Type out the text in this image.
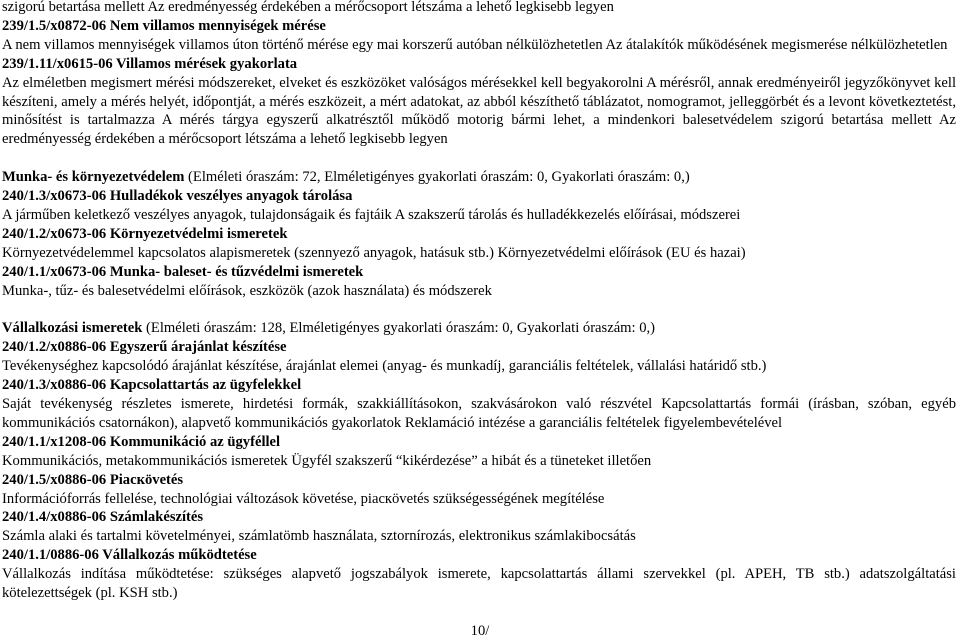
szigorú betartása mellett Az eredményesség érdekében a mérőcsoport létszáma a lehető legkisebb legyen
239/1.5/x0872-06 Nem villamos mennyiségek mérése
A nem villamos mennyiségek villamos úton történő mérése egy mai korszerű autóban nélkülözhetetlen Az átalakítók működésének megismerése nélkülözhetetlen
239/1.11/x0615-06 Villamos mérések gyakorlata
Az elméletben megismert mérési módszereket, elveket és eszközöket valóságos mérésekkel kell begyakorolni A mérésről, annak eredményeiről jegyzőkönyvet kell készíteni, amely a mérés helyét, időpontját, a mérés eszközeit, a mért adatokat, az abból készíthető táblázatot, nomogramot, jelleggörbét és a levont következtetést, minősítést is tartalmazza A mérés tárgya egyszerű alkatrésztől működő motorig bármi lehet, a mindenkori balesetvédelem szigorú betartása mellett Az eredményesség érdekében a mérőcsoport létszáma a lehető legkisebb legyen
Munka- és környezetvédelem (Elméleti óraszám: 72, Elméletigényes gyakorlati óraszám: 0, Gyakorlati óraszám: 0,)
240/1.3/x0673-06 Hulladékok veszélyes anyagok tárolása
A járműben keletkező veszélyes anyagok, tulajdonságaik és fajtáik A szakszerű tárolás és hulladékkezelés előírásai, módszerei
240/1.2/x0673-06 Környezetvédelmi ismeretek
Környezetvédelemmel kapcsolatos alapismeretek (szennyező anyagok, hatásuk stb.) Környezetvédelmi előírások (EU és hazai)
240/1.1/x0673-06 Munka- baleset- és tűzvédelmi ismeretek
Munka-, tűz- és balesetvédelmi előírások, eszközök (azok használata) és módszerek
Vállalkozási ismeretek (Elméleti óraszám: 128, Elméletigényes gyakorlati óraszám: 0, Gyakorlati óraszám: 0,)
240/1.2/x0886-06 Egyszerű árajánlat készítése
Tevékenységhez kapcsolódó árajánlat készítése, árajánlat elemei (anyag- és munkadíj, garanciális feltételek, vállalási határidő stb.)
240/1.3/x0886-06 Kapcsolattartás az ügyfelekkel
Saját tevékenység részletes ismerete, hirdetési formák, szakkiállításokon, szakvásárokon való részvétel Kapcsolattartás formái (írásban, szóban, egyéb kommunikációs csatornákon), alapvető kommunikációs gyakorlatok Reklamáció intézése a garanciális feltételek figyelembevételével
240/1.1/x1208-06 Kommunikáció az ügyféllel
Kommunikációs, metakommunikációs ismeretek Ügyfél szakszerű “kikérdezése” a hibát és a tüneteket illetően
240/1.5/x0886-06 Piacкövetés
Információforrás fellelése, technológiai változások követése, piacкövetés szükségességének megítélése
240/1.4/x0886-06 Számlakészítés
Számla alaki és tartalmi követelményei, számlatömb használata, sztornírozás, elektronikus számlakibocsátás
240/1.1/0886-06 Vállalkozás működtetése
Vállalkozás indítása működtetése: szükséges alapvető jogszabályok ismerete, kapcsolattartás állami szervekkel (pl. APEH, TB stb.) adatszolgáltatási kötelezettségek (pl. KSH stb.)
10/
